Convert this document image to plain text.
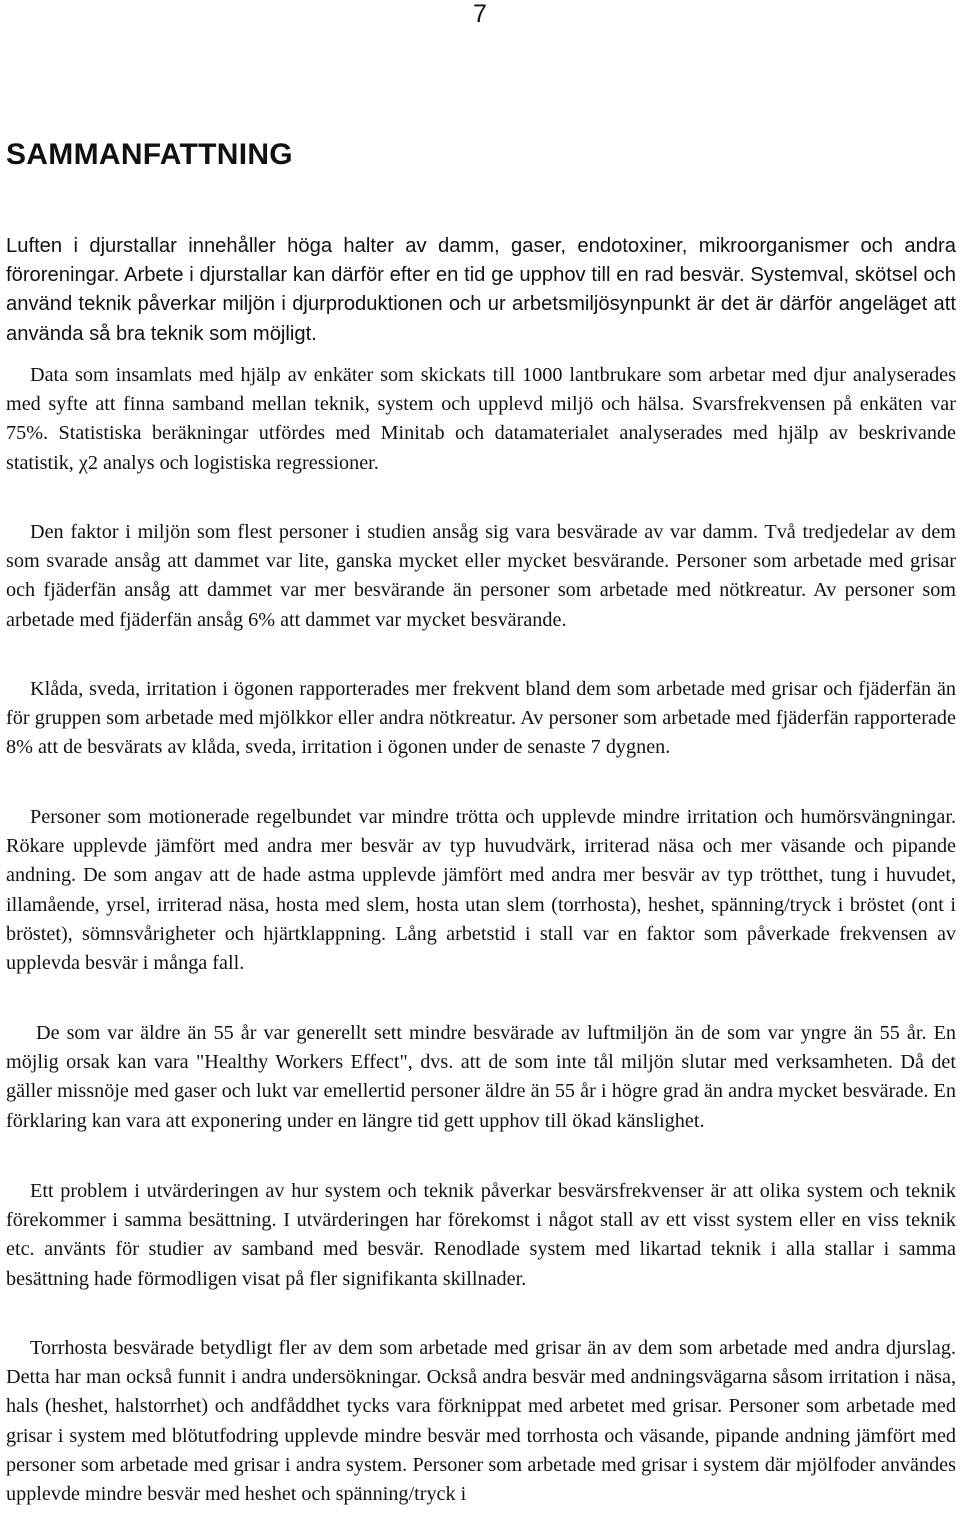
7
SAMMANFATTNING

Luften i djurstallar innehåller höga halter av damm, gaser, endotoxiner, mikroorganismer och andra föroreningar. Arbete i djurstallar kan därför efter en tid ge upphov till en rad besvär. Systemval, skötsel och använd teknik påverkar miljön i djurproduktionen och ur arbetsmiljösynpunkt är det är därför angeläget att använda så bra teknik som möjligt.

Data som insamlats med hjälp av enkäter som skickats till 1000 lantbrukare som arbetar med djur analyserades med syfte att finna samband mellan teknik, system och upplevd miljö och hälsa. Svarsfrekvensen på enkäten var 75%. Statistiska beräkningar utfördes med Minitab och datamaterialet analyserades med hjälp av beskrivande statistik, χ2 analys och logistiska regressioner.

Den faktor i miljön som flest personer i studien ansåg sig vara besvärade av var damm. Två tredjedelar av dem som svarade ansåg att dammet var lite, ganska mycket eller mycket besvärande. Personer som arbetade med grisar och fjäderfän ansåg att dammet var mer besvärande än personer som arbetade med nötkreatur. Av personer som arbetade med fjäderfän ansåg 6% att dammet var mycket besvärande.

Klåda, sveda, irritation i ögonen rapporterades mer frekvent bland dem som arbetade med grisar och fjäderfän än för gruppen som arbetade med mjölkkor eller andra nötkreatur. Av personer som arbetade med fjäderfän rapporterade 8% att de besvärats av klåda, sveda, irritation i ögonen under de senaste 7 dygnen.

Personer som motionerade regelbundet var mindre trötta och upplevde mindre irritation och humörsvängningar. Rökare upplevde jämfört med andra mer besvär av typ huvudvärk, irriterad näsa och mer väsande och pipande andning. De som angav att de hade astma upplevde jämfört med andra mer besvär av typ trötthet, tung i huvudet, illamående, yrsel, irriterad näsa, hosta med slem, hosta utan slem (torrhosta), heshet, spänning/tryck i bröstet (ont i bröstet), sömnsvårigheter och hjärtklappning. Lång arbetstid i stall var en faktor som påverkade frekvensen av upplevda besvär i många fall.

De som var äldre än 55 år var generellt sett mindre besvärade av luftmiljön än de som var yngre än 55 år. En möjlig orsak kan vara "Healthy Workers Effect", dvs. att de som inte tål miljön slutar med verksamheten. Då det gäller missnöje med gaser och lukt var emellertid personer äldre än 55 år i högre grad än andra mycket besvärade. En förklaring kan vara att exponering under en längre tid gett upphov till ökad känslighet.

Ett problem i utvärderingen av hur system och teknik påverkar besvärsfrekvenser är att olika system och teknik förekommer i samma besättning. I utvärderingen har förekomst i något stall av ett visst system eller en viss teknik etc. använts för studier av samband med besvär. Renodlade system med likartad teknik i alla stallar i samma besättning hade förmodligen visat på fler signifikanta skillnader.

Torrhosta besvärade betydligt fler av dem som arbetade med grisar än av dem som arbetade med andra djurslag. Detta har man också funnit i andra undersökningar. Också andra besvär med andningsvägarna såsom irritation i näsa, hals (heshet, halstorrhet) och andfåddhet tycks vara förknippat med arbetet med grisar. Personer som arbetade med grisar i system med blötutfodring upplevde mindre besvär med torrhosta och väsande, pipande andning jämfört med personer som arbetade med grisar i andra system. Personer som arbetade med grisar i system där mjölfoder användes upplevde mindre besvär med heshet och spänning/tryck i
